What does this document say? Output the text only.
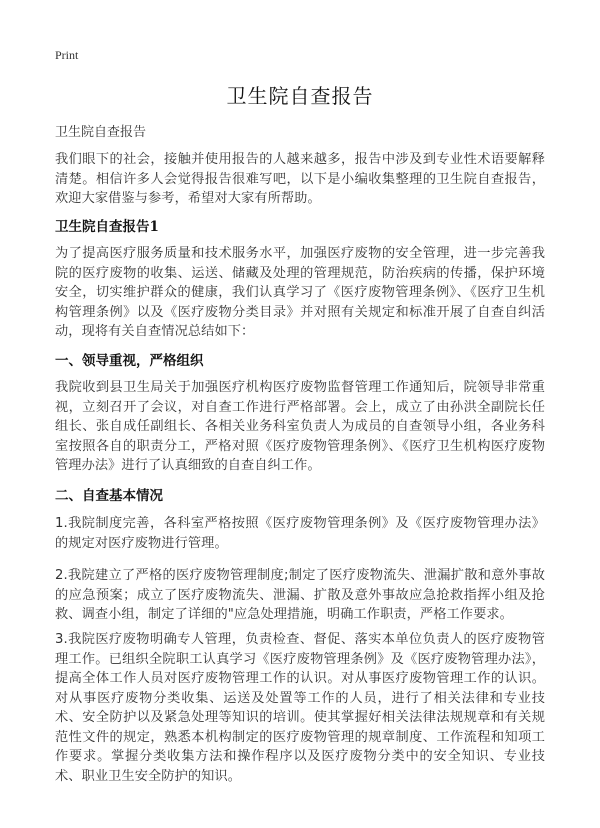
Print
卫生院自查报告
卫生院自查报告
我们眼下的社会，接触并使用报告的人越来越多，报告中涉及到专业性术语要解释清楚。相信许多人会觉得报告很难写吧，以下是小编收集整理的卫生院自查报告，欢迎大家借鉴与参考，希望对大家有所帮助。
卫生院自查报告1
为了提高医疗服务质量和技术服务水平，加强医疗废物的安全管理，进一步完善我院的医疗废物的收集、运送、储藏及处理的管理规范，防治疾病的传播，保护环境安全，切实维护群众的健康，我们认真学习了《医疗废物管理条例》、《医疗卫生机构管理条例》以及《医疗废物分类目录》并对照有关规定和标准开展了自查自纠活动，现将有关自查情况总结如下：
一、领导重视，严格组织
我院收到县卫生局关于加强医疗机构医疗废物监督管理工作通知后，院领导非常重视，立刻召开了会议，对自查工作进行严格部署。会上，成立了由孙洪全副院长任组长、张自成任副组长、各相关业务科室负责人为成员的自查领导小组，各业务科室按照各自的职责分工，严格对照《医疗废物管理条例》、《医疗卫生机构医疗废物管理办法》进行了认真细致的自查自纠工作。
二、自查基本情况
1.我院制度完善，各科室严格按照《医疗废物管理条例》及《医疗废物管理办法》的规定对医疗废物进行管理。
2.我院建立了严格的医疗废物管理制度;制定了医疗废物流失、泄漏扩散和意外事故的应急预案；成立了医疗废物流失、泄漏、扩散及意外事故应急抢救指挥小组及抢救、调查小组，制定了详细的"应急处理措施，明确工作职责，严格工作要求。
3.我院医疗废物明确专人管理，负责检查、督促、落实本单位负责人的医疗废物管理工作。已组织全院职工认真学习《医疗废物管理条例》及《医疗废物管理办法》，提高全体工作人员对医疗废物管理工作的认识。对从事医疗废物管理工作的认识。对从事医疗废物分类收集、运送及处置等工作的人员，进行了相关法律和专业技术、安全防护以及紧急处理等知识的培训。使其掌握好相关法律法规规章和有关规范性文件的规定，熟悉本机构制定的医疗废物管理的规章制度、工作流程和知项工作要求。掌握分类收集方法和操作程序以及医疗废物分类中的安全知识、专业技术、职业卫生安全防护的知识。
